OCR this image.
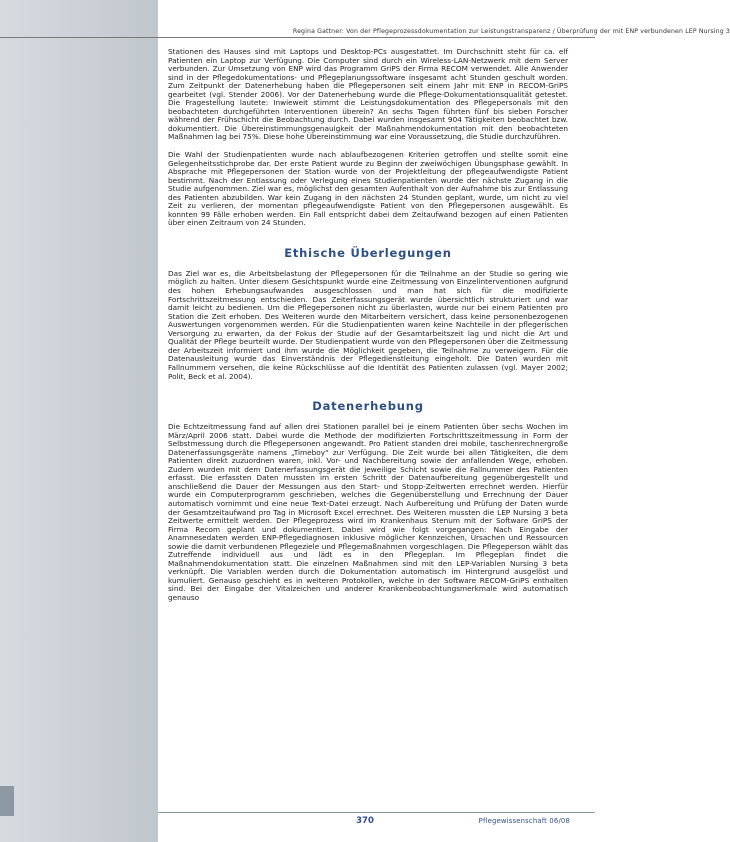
Regina Gattner: Von der Pflegeprozessdokumentation zur Leistungstransparenz / Überprüfung der mit ENP verbundenen LEP Nursing 3

Stationen des Hauses sind mit Laptops und Desktop-PCs ausgestattet. Im Durchschnitt steht für ca. elf Patienten ein Laptop zur Verfügung. Die Computer sind durch ein Wireless-LAN-Netzwerk mit dem Server verbunden. Zur Umsetzung von ENP wird das Programm GriPS der Firma RECOM verwendet. Alle Anwender sind in der Pflegedokumentations- und Pflegeplanungssoftware insgesamt acht Stunden geschult worden. Zum Zeitpunkt der Datenerhebung haben die Pflegepersonen seit einem Jahr mit ENP in RECOM-GriPS gearbeitet (vgl. Stender 2006). Vor der Datenerhebung wurde die Pflege-Dokumentationsqualität getestet. Die Fragestellung lautete: Inwieweit stimmt die Leistungsdokumentation des Pflegepersonals mit den beobachteten durchgeführten Interventionen überein? An sechs Tagen führten fünf bis sieben Forscher während der Frühschicht die Beobachtung durch. Dabei wurden insgesamt 904 Tätigkeiten beobachtet bzw. dokumentiert. Die Übereinstimmungsgenauigkeit der Maßnahmendokumentation mit den beobachteten Maßnahmen lag bei 75%. Diese hohe Übereinstimmung war eine Voraussetzung, die Studie durchzuführen.

Die Wahl der Studienpatienten wurde nach ablaufbezogenen Kriterien getroffen und stellte somit eine Gelegenheitsstichprobe dar. Der erste Patient wurde zu Beginn der zweiwöchigen Übungsphase gewählt. In Absprache mit Pflegepersonen der Station wurde von der Projektleitung der pflegeaufwendigste Patient bestimmt. Nach der Entlassung oder Verlegung eines Studienpatienten wurde der nächste Zugang in die Studie aufgenommen. Ziel war es, möglichst den gesamten Aufenthalt von der Aufnahme bis zur Entlassung des Patienten abzubilden. War kein Zugang in den nächsten 24 Stunden geplant, wurde, um nicht zu viel Zeit zu verlieren, der momentan pflegeaufwendigste Patient von den Pflegepersonen ausgewählt. Es konnten 99 Fälle erhoben werden. Ein Fall entspricht dabei dem Zeitaufwand bezogen auf einen Patienten über einen Zeitraum von 24 Stunden.

Ethische Überlegungen

Das Ziel war es, die Arbeitsbelastung der Pflegepersonen für die Teilnahme an der Studie so gering wie möglich zu halten. Unter diesem Gesichtspunkt wurde eine Zeitmessung von Einzelinterventionen aufgrund des hohen Erhebungsaufwandes ausgeschlossen und man hat sich für die modifizierte Fortschrittszeitmessung entschieden. Das Zeiterfassungsgerät wurde übersichtlich strukturiert und war damit leicht zu bedienen. Um die Pflegepersonen nicht zu überlasten, wurde nur bei einem Patienten pro Station die Zeit erhoben. Des Weiteren wurde den Mitarbeitern versichert, dass keine personenbezogenen Auswertungen vorgenommen werden. Für die Studienpatienten waren keine Nachteile in der pflegerischen Versorgung zu erwarten, da der Fokus der Studie auf der Gesamtarbeitszeit lag und nicht die Art und Qualität der Pflege beurteilt wurde. Der Studienpatient wurde von den Pflegepersonen über die Zeitmessung der Arbeitszeit informiert und ihm wurde die Möglichkeit gegeben, die Teilnahme zu verweigern. Für die Datenausleitung wurde das Einverständnis der Pflegedienstleitung eingeholt. Die Daten wurden mit Fallnummern versehen, die keine Rückschlüsse auf die Identität des Patienten zulassen (vgl. Mayer 2002; Polit, Beck et al. 2004).

Datenerhebung

Die Echtzeitmessung fand auf allen drei Stationen parallel bei je einem Patienten über sechs Wochen im März/April 2006 statt. Dabei wurde die Methode der modifizierten Fortschrittszeitmessung in Form der Selbstmessung durch die Pflegepersonen angewandt. Pro Patient standen drei mobile, taschenrechnergroße Datenerfassungsgeräte namens „Timeboy“ zur Verfügung. Die Zeit wurde bei allen Tätigkeiten, die dem Patienten direkt zuzuordnen waren, inkl. Vor- und Nachbereitung sowie der anfallenden Wege, erhoben. Zudem wurden mit dem Datenerfassungsgerät die jeweilige Schicht sowie die Fallnummer des Patienten erfasst. Die erfassten Daten mussten im ersten Schritt der Datenaufbereitung gegenübergestellt und anschließend die Dauer der Messungen aus den Start- und Stopp-Zeitwerten errechnet werden. Hierfür wurde ein Computerprogramm geschrieben, welches die Gegenüberstellung und Errechnung der Dauer automatisch vornimmt und eine neue Text-Datei erzeugt. Nach Aufbereitung und Prüfung der Daten wurde der Gesamtzeitaufwand pro Tag in Microsoft Excel errechnet. Des Weiteren mussten die LEP Nursing 3 beta Zeitwerte ermittelt werden. Der Pflegeprozess wird im Krankenhaus Stenum mit der Software GriPS der Firma Recom geplant und dokumentiert. Dabei wird wie folgt vorgegangen: Nach Eingabe der Anamnesedaten werden ENP-Pflegediagnosen inklusive möglicher Kennzeichen, Ursachen und Ressourcen sowie die damit verbundenen Pflegeziele und Pflegemaßnahmen vorgeschlagen. Die Pflegeperson wählt das Zutreffende individuell aus und lädt es in den Pflegeplan. Im Pflegeplan findet die Maßnahmendokumentation statt. Die einzelnen Maßnahmen sind mit den LEP-Variablen Nursing 3 beta verknüpft. Die Variablen werden durch die Dokumentation automatisch im Hintergrund ausgelöst und kumuliert. Genauso geschieht es in weiteren Protokollen, welche in der Software RECOM-GriPS enthalten sind. Bei der Eingabe der Vitalzeichen und anderer Krankenbeobachtungsmerkmale wird automatisch genauso

370	Pflegewissenschaft 06/08
